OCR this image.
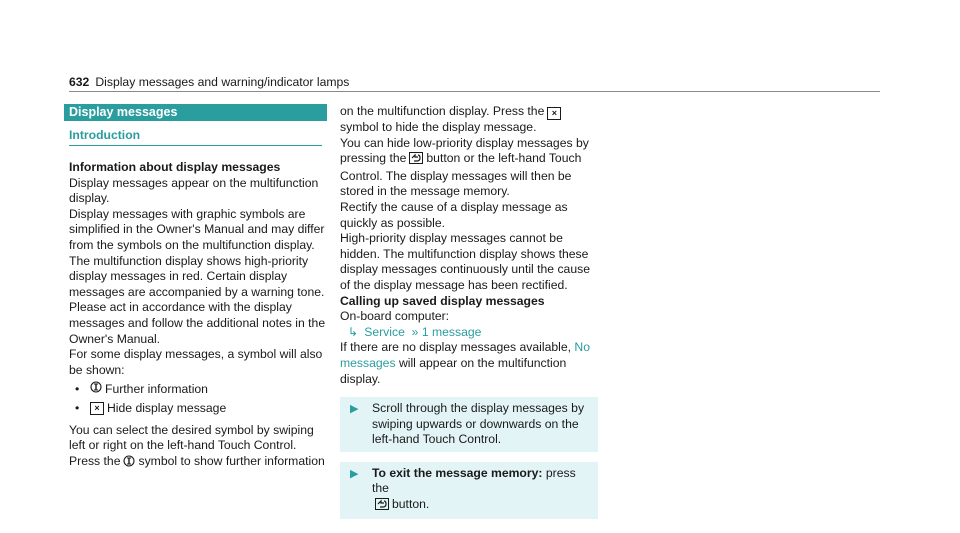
632 Display messages and warning/indicator lamps
Display messages
Introduction

Information about display messages

Display messages appear on the multifunction display.

Display messages with graphic symbols are simplified in the Owner's Manual and may differ from the symbols on the multifunction display. The multifunction display shows high-priority display messages in red. Certain display messages are accompanied by a warning tone.

Please act in accordance with the display messages and follow the additional notes in the Owner's Manual.

For some display messages, a symbol will also be shown:

•	Further information
•	× Hide display message

You can select the desired symbol by swiping left or right on the left-hand Touch Control. Press the symbol to show further information

on the multifunction display. Press the ×symbol to hide the display message.

You can hide low-priority display messages by pressing the button or the left-hand Touch Control. The display messages will then be stored in the message memory.

Rectify the cause of a display message as quickly as possible.

High-priority display messages cannot be hidden. The multifunction display shows these display messages continuously until the cause of the display message has been rectified.

Calling up saved display messages

On-board computer:

↳ Service  » 1 message

If there are no display messages available, No messages will appear on the multifunction display.

▶	Scroll through the display messages by swiping upwards or downwards on the left-hand Touch Control.
▶	To exit the message memory: press the
button.
